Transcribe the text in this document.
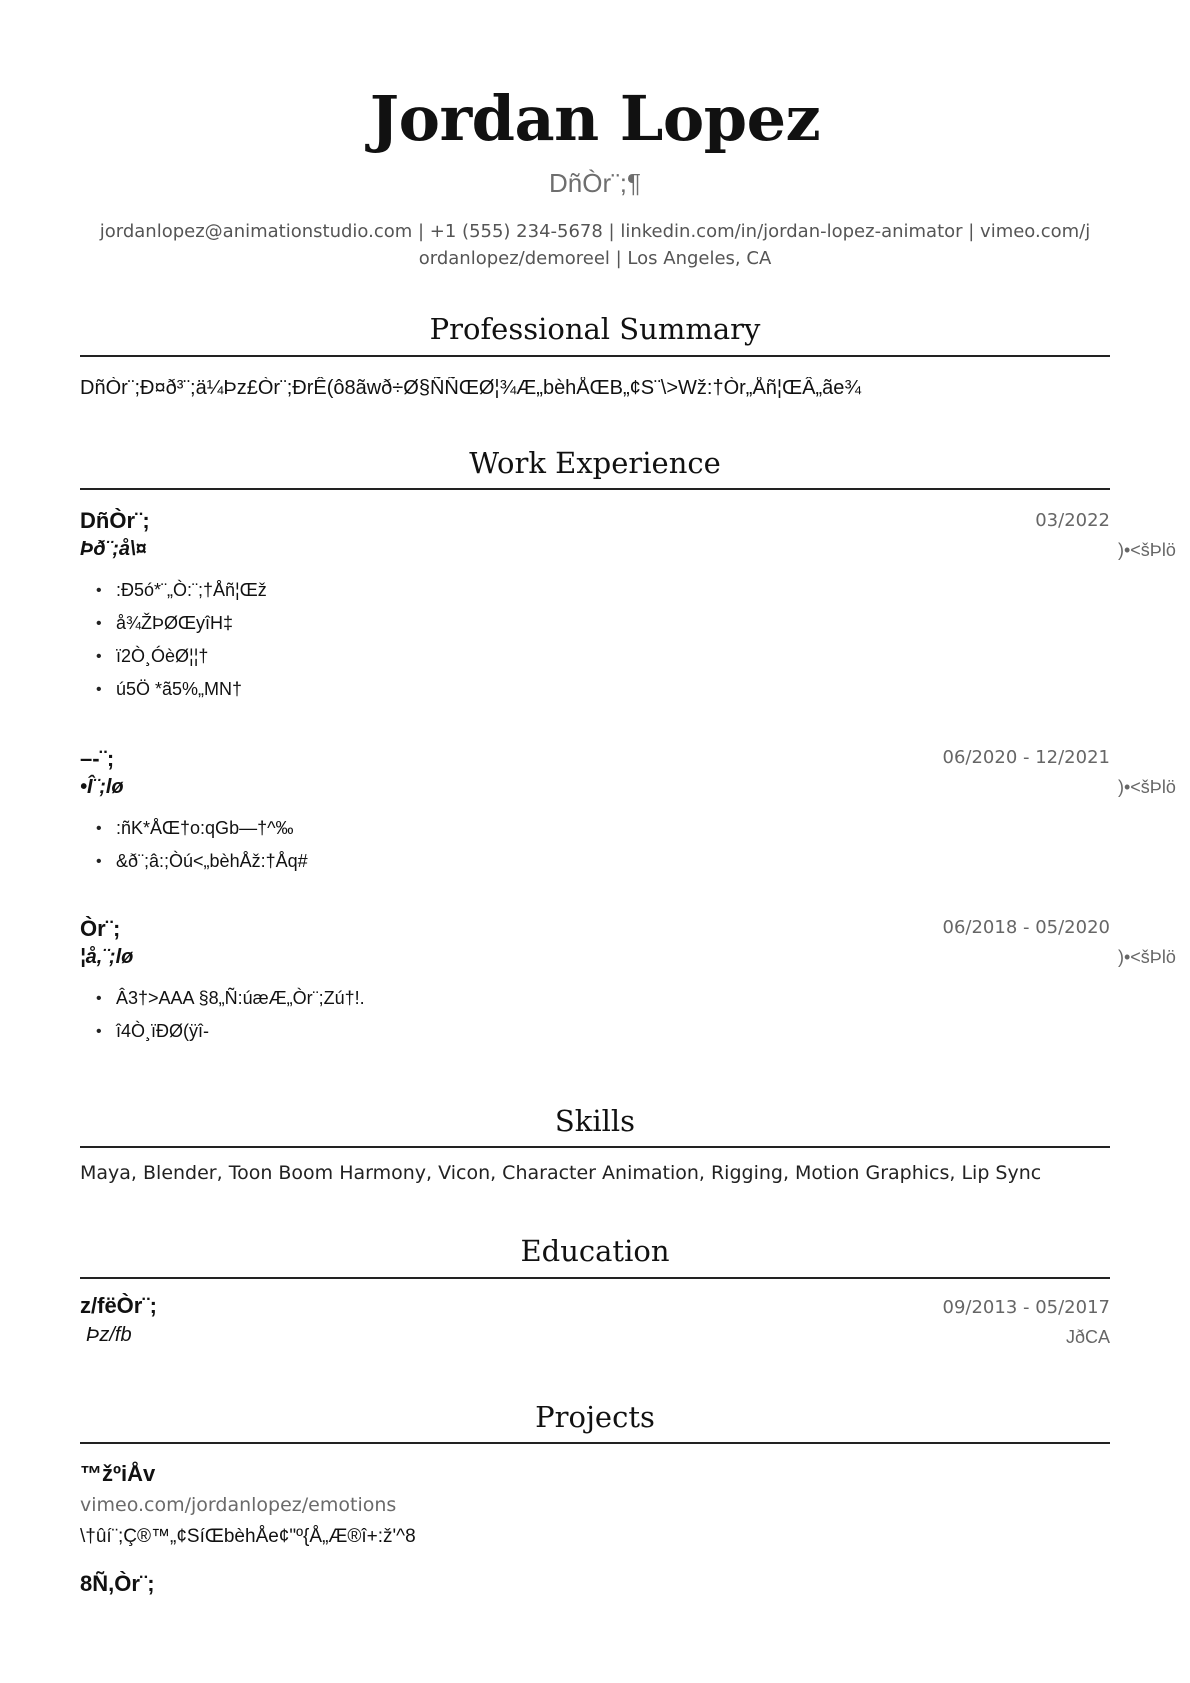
Jordan Lopez
DñÒr¨;¶
jordanlopez@animationstudio.com | +1 (555) 234-5678 | linkedin.com/in/jordan-lopez-animator | vimeo.com/j
ordanlopez/demoreel | Los Angeles, CA
Professional Summary
DñÒr¨;Ð¤ð³¨;ä¼Þz£Òr¨;ÐrÊ(ô8ãwð÷Ø§ÑÑŒØ¦¾Æ„bèhÅŒB„¢S¨\>Wž:†Òr„Åñ¦ŒÂ„ãe¾
Work Experience
DñÒr¨;	03/2022
Þð¨;å\¤	)•<šÞlö
• :Ð5ó*¨„Ò:¨;†Åñ¦Œž
• å¾ŽÞØŒyîH‡
• ï2Ò¸ÓèØ¦¦†
• ú5Ö *ã5%„MN†
–-¨;	06/2020 - 12/2021
•Î¨;lø	)•<šÞlö
• :ñK*ÅŒ†o:qGb—†^‰
• &ð¨;â:;Òú<„bèhÅž:†Åq#
Òr¨;	06/2018 - 05/2020
¦å,¨;lø	)•<šÞlö
• Â3†>AAA §8„Ñ:úæÆ„Òr¨;Zú†!.
• î4Ò¸ïÐØ(ÿî-
Skills
Maya, Blender, Toon Boom Harmony, Vicon, Character Animation, Rigging, Motion Graphics, Lip Sync
Education
z/fëÒr¨;	09/2013 - 05/2017
Þz/fb	JðCA
Projects
™žºiÅv
vimeo.com/jordanlopez/emotions
\†ûí¨;Ç®™„¢SíŒbèhÅe¢"º{Å„Æ®î+:ž'^8
8Ñ,Òr¨;
